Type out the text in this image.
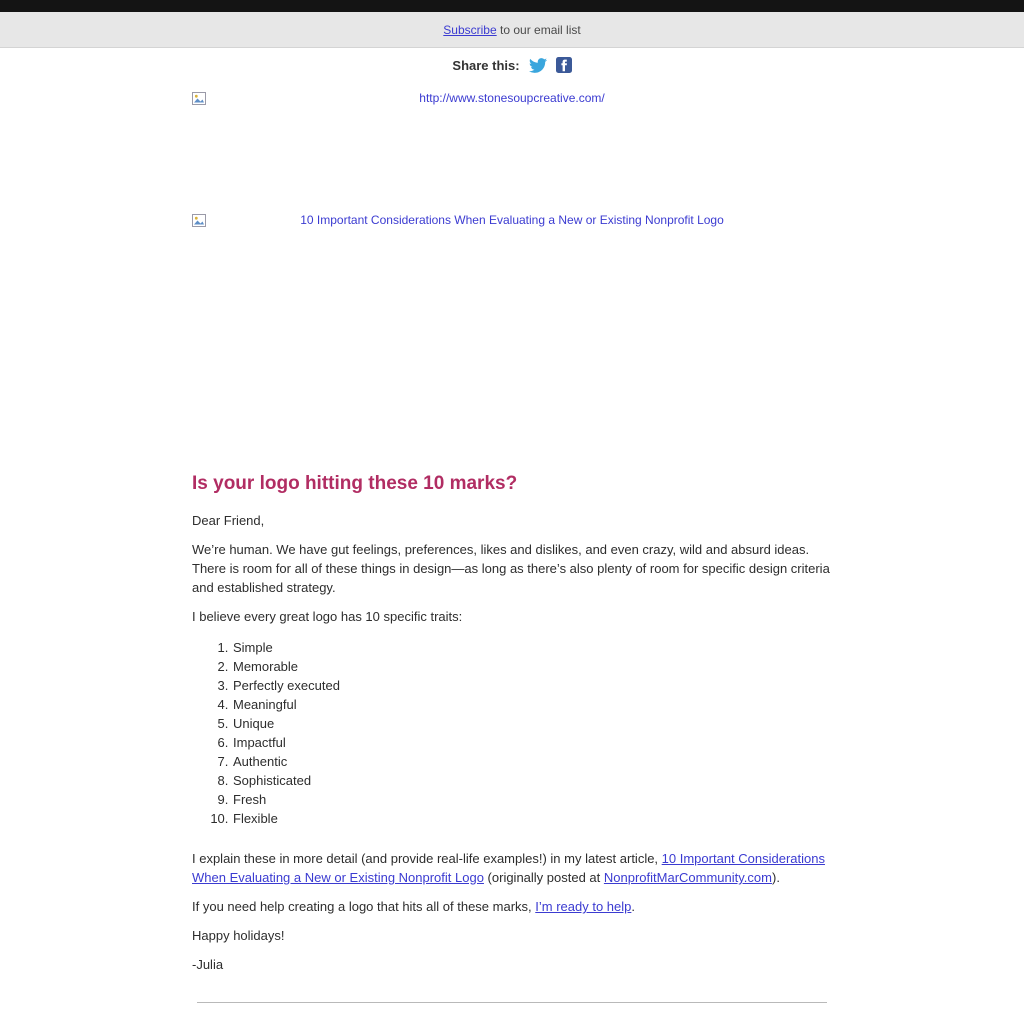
Subscribe to our email list
Share this:
http://www.stonesoupcreative.com/
10 Important Considerations When Evaluating a New or Existing Nonprofit Logo
Is your logo hitting these 10 marks?

Dear Friend,

We’re human. We have gut feelings, preferences, likes and dislikes, and even crazy, wild and absurd ideas. There is room for all of these things in design—as long as there’s also plenty of room for specific design criteria and established strategy.

I believe every great logo has 10 specific traits:

1. Simple
2. Memorable
3. Perfectly executed
4. Meaningful
5. Unique
6. Impactful
7. Authentic
8. Sophisticated
9. Fresh
10. Flexible

I explain these in more detail (and provide real-life examples!) in my latest article, 10 Important Considerations When Evaluating a New or Existing Nonprofit Logo (originally posted at NonprofitMarCommunity.com).

If you need help creating a logo that hits all of these marks, I’m ready to help.

Happy holidays!

-Julia
